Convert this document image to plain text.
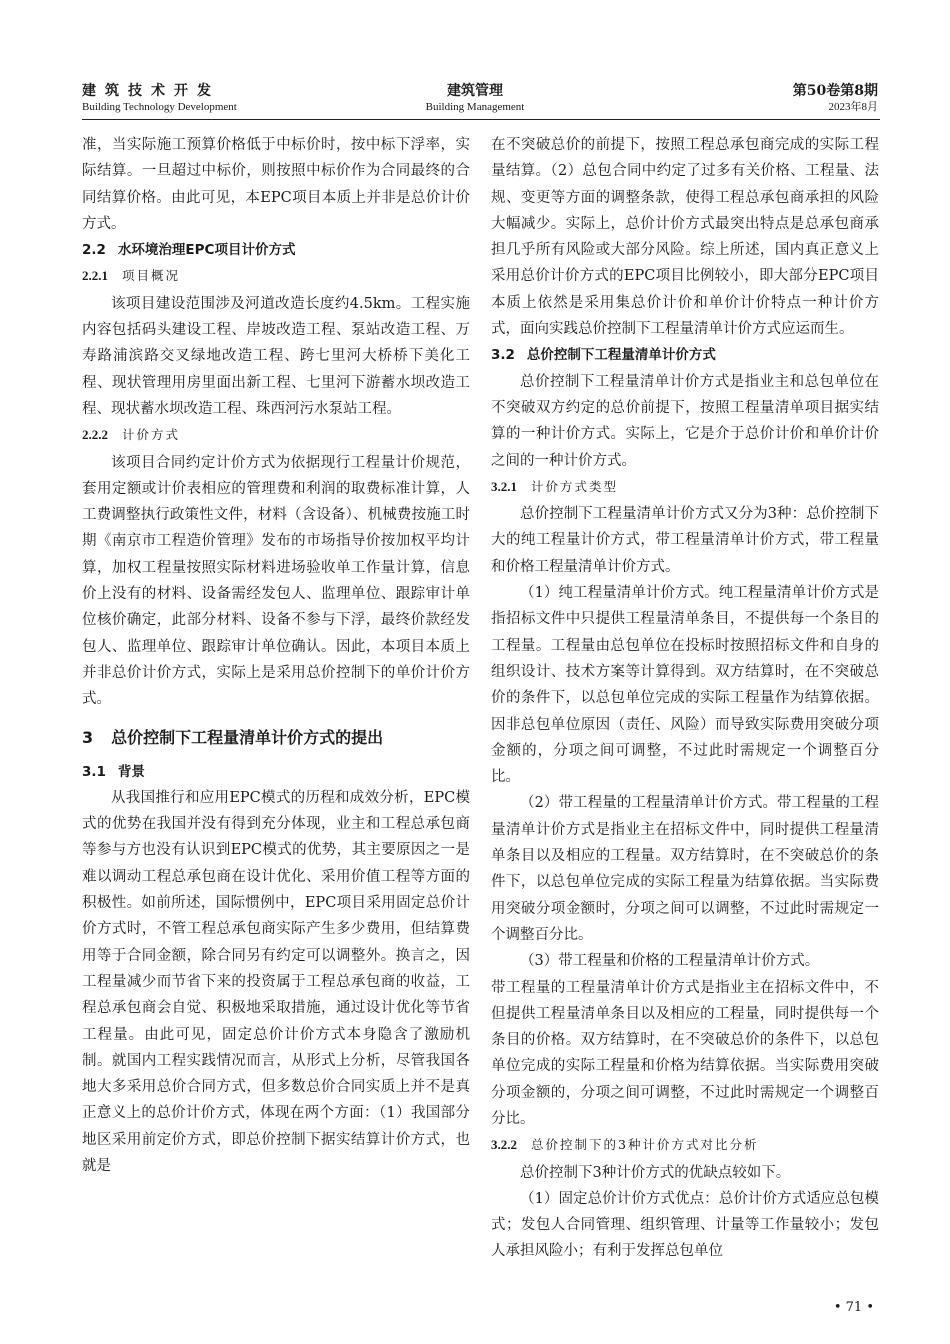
建筑技术开发
Building Technology Development
建筑管理
Building Management
第50卷第8期
2023年8月

准，当实际施工预算价格低于中标价时，按中标下浮率，实际结算。一旦超过中标价，则按照中标价作为合同最终的合同结算价格。由此可见，本EPC项目本质上并非是总价计价方式。

2.2 水环境治理EPC项目计价方式
2.2.1 项目概况

该项目建设范围涉及河道改造长度约4.5km。工程实施内容包括码头建设工程、岸坡改造工程、泵站改造工程、万寿路浦滨路交叉绿地改造工程、跨七里河大桥桥下美化工程、现状管理用房里面出新工程、七里河下游蓄水坝改造工程、现状蓄水坝改造工程、珠西河污水泵站工程。

2.2.2 计价方式

该项目合同约定计价方式为依据现行工程量计价规范，套用定额或计价表相应的管理费和利润的取费标准计算，人工费调整执行政策性文件，材料（含设备）、机械费按施工时期《南京市工程造价管理》发布的市场指导价按加权平均计算，加权工程量按照实际材料进场验收单工作量计算，信息价上没有的材料、设备需经发包人、监理单位、跟踪审计单位核价确定，此部分材料、设备不参与下浮，最终价款经发包人、监理单位、跟踪审计单位确认。因此，本项目本质上并非总价计价方式，实际上是采用总价控制下的单价计价方式。

3 总价控制下工程量清单计价方式的提出
3.1 背景

从我国推行和应用EPC模式的历程和成效分析，EPC模式的优势在我国并没有得到充分体现，业主和工程总承包商等参与方也没有认识到EPC模式的优势，其主要原因之一是难以调动工程总承包商在设计优化、采用价值工程等方面的积极性。如前所述，国际惯例中，EPC项目采用固定总价计价方式时，不管工程总承包商实际产生多少费用，但结算费用等于合同金额，除合同另有约定可以调整外。换言之，因工程量减少而节省下来的投资属于工程总承包商的收益，工程总承包商会自觉、积极地采取措施，通过设计优化等节省工程量。由此可见，固定总价计价方式本身隐含了激励机制。就国内工程实践情况而言，从形式上分析，尽管我国各地大多采用总价合同方式，但多数总价合同实质上并不是真正意义上的总价计价方式，体现在两个方面：（1）我国部分地区采用前定价方式，即总价控制下据实结算计价方式，也就是

在不突破总价的前提下，按照工程总承包商完成的实际工程量结算。（2）总包合同中约定了过多有关价格、工程量、法规、变更等方面的调整条款，使得工程总承包商承担的风险大幅减少。实际上，总价计价方式最突出特点是总承包商承担几乎所有风险或大部分风险。综上所述，国内真正意义上采用总价计价方式的EPC项目比例较小，即大部分EPC项目本质上依然是采用集总价计价和单价计价特点一种计价方式，面向实践总价控制下工程量清单计价方式应运而生。

3.2 总价控制下工程量清单计价方式

总价控制下工程量清单计价方式是指业主和总包单位在不突破双方约定的总价前提下，按照工程量清单项目据实结算的一种计价方式。实际上，它是介于总价计价和单价计价之间的一种计价方式。

3.2.1 计价方式类型

总价控制下工程量清单计价方式又分为3种：总价控制下大的纯工程量计价方式，带工程量清单计价方式，带工程量和价格工程量清单计价方式。

（1）纯工程量清单计价方式。纯工程量清单计价方式是指招标文件中只提供工程量清单条目，不提供每一个条目的工程量。工程量由总包单位在投标时按照招标文件和自身的组织设计、技术方案等计算得到。双方结算时，在不突破总价的条件下，以总包单位完成的实际工程量作为结算依据。因非总包单位原因（责任、风险）而导致实际费用突破分项金额的，分项之间可调整，不过此时需规定一个调整百分比。

（2）带工程量的工程量清单计价方式。带工程量的工程量清单计价方式是指业主在招标文件中，同时提供工程量清单条目以及相应的工程量。双方结算时，在不突破总价的条件下，以总包单位完成的实际工程量为结算依据。当实际费用突破分项金额时，分项之间可以调整，不过此时需规定一个调整百分比。

（3）带工程量和价格的工程量清单计价方式。

带工程量的工程量清单计价方式是指业主在招标文件中，不但提供工程量清单条目以及相应的工程量，同时提供每一个条目的价格。双方结算时，在不突破总价的条件下，以总包单位完成的实际工程量和价格为结算依据。当实际费用突破分项金额的，分项之间可调整，不过此时需规定一个调整百分比。

3.2.2 总价控制下的3种计价方式对比分析

总价控制下3种计价方式的优缺点较如下。

（1）固定总价计价方式优点：总价计价方式适应总包模式；发包人合同管理、组织管理、计量等工作量较小；发包人承担风险小；有利于发挥总包单位

• 71 •
